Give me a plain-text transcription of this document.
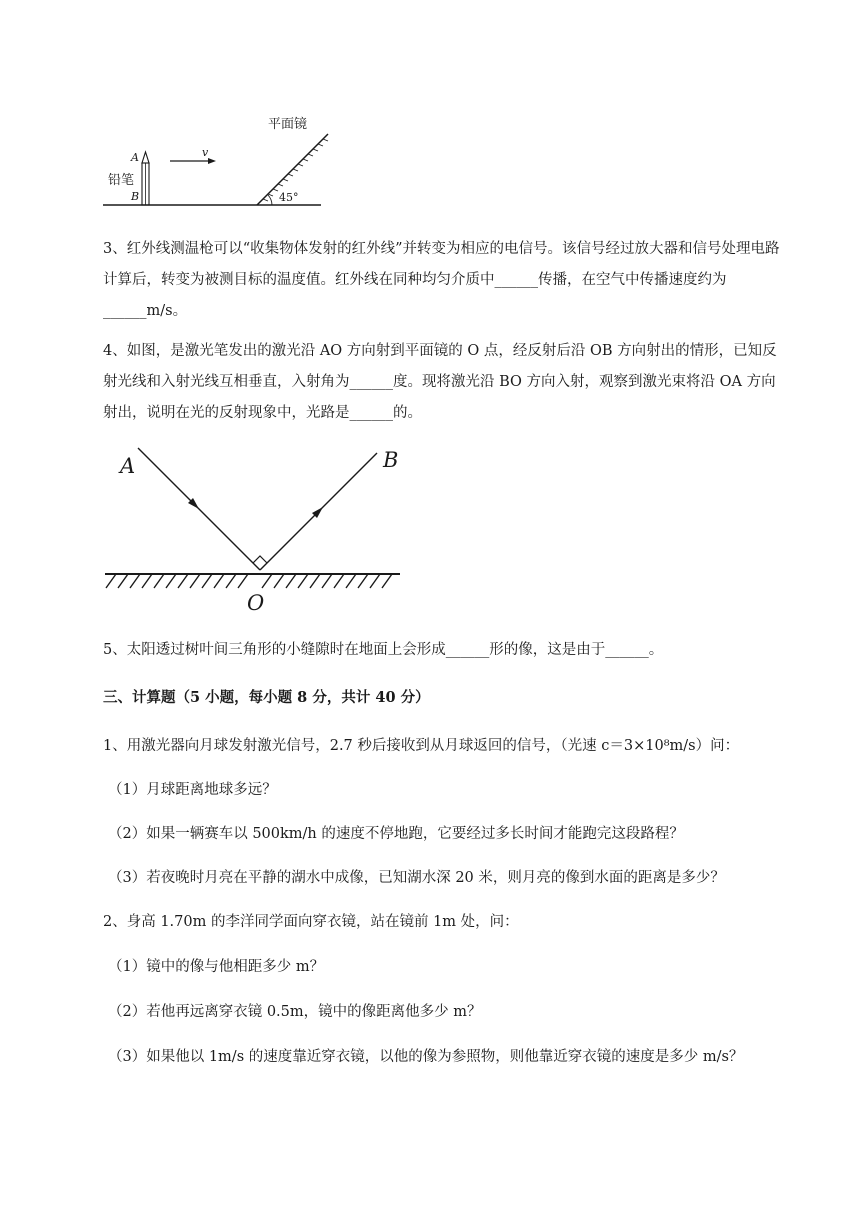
A
B
铅笔
v
45°
平面镜

3、红外线测温枪可以“收集物体发射的红外线”并转变为相应的电信号。该信号经过放大器和信号处理电路计算后，转变为被测目标的温度值。红外线在同种均匀介质中______传播，在空气中传播速度约为______m/s。

4、如图，是激光笔发出的激光沿 AO 方向射到平面镜的 O 点，经反射后沿 OB 方向射出的情形，已知反射光线和入射光线互相垂直，入射角为______度。现将激光沿 BO 方向入射，观察到激光束将沿 OA 方向射出，说明在光的反射现象中，光路是______的。

A	B
O

5、太阳透过树叶间三角形的小缝隙时在地面上会形成______形的像，这是由于______。

三、计算题（5 小题，每小题 8 分，共计 40 分）

1、用激光器向月球发射激光信号，2.7 秒后接收到从月球返回的信号，（光速 c＝3×10⁸m/s）问：

（1）月球距离地球多远？

（2）如果一辆赛车以 500km/h 的速度不停地跑，它要经过多长时间才能跑完这段路程？

（3）若夜晚时月亮在平静的湖水中成像，已知湖水深 20 米，则月亮的像到水面的距离是多少？

2、身高 1.70m 的李洋同学面向穿衣镜，站在镜前 1m 处，问：

（1）镜中的像与他相距多少 m？

（2）若他再远离穿衣镜 0.5m，镜中的像距离他多少 m？

（3）如果他以 1m/s 的速度靠近穿衣镜，以他的像为参照物，则他靠近穿衣镜的速度是多少 m/s？
